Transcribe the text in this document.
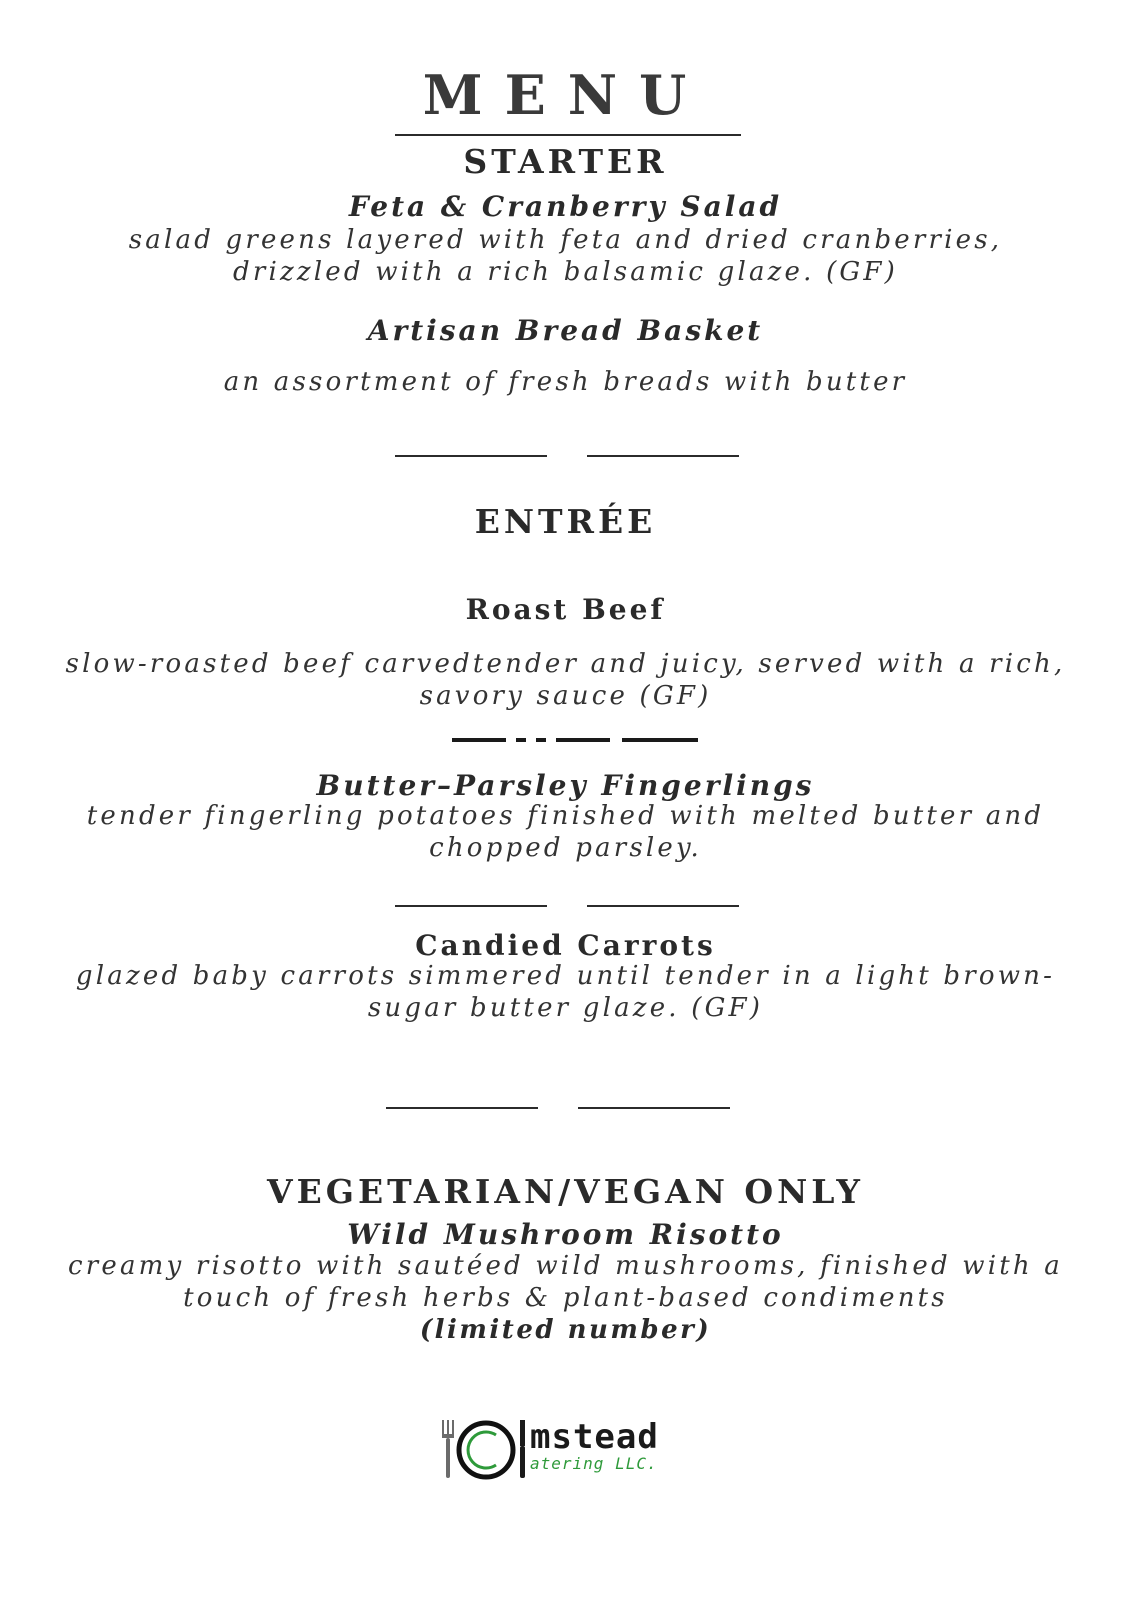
MENU
STARTER
Feta & Cranberry Salad
salad greens layered with feta and dried cranberries,
drizzled with a rich balsamic glaze. (GF)
Artisan Bread Basket
an assortment of fresh breads with butter
ENTRÉE
Roast Beef
slow-roasted beef carvedtender and juicy, served with a rich,
savory sauce (GF)
Butter–Parsley Fingerlings
tender fingerling potatoes finished with melted butter and
chopped parsley.
Candied Carrots
glazed baby carrots simmered until tender in a light brown-
sugar butter glaze. (GF)
VEGETARIAN/VEGAN ONLY
Wild Mushroom Risotto
creamy risotto with sautéed wild mushrooms, finished with a
touch of fresh herbs & plant-based condiments
(limited number)
mstead
atering LLC.
